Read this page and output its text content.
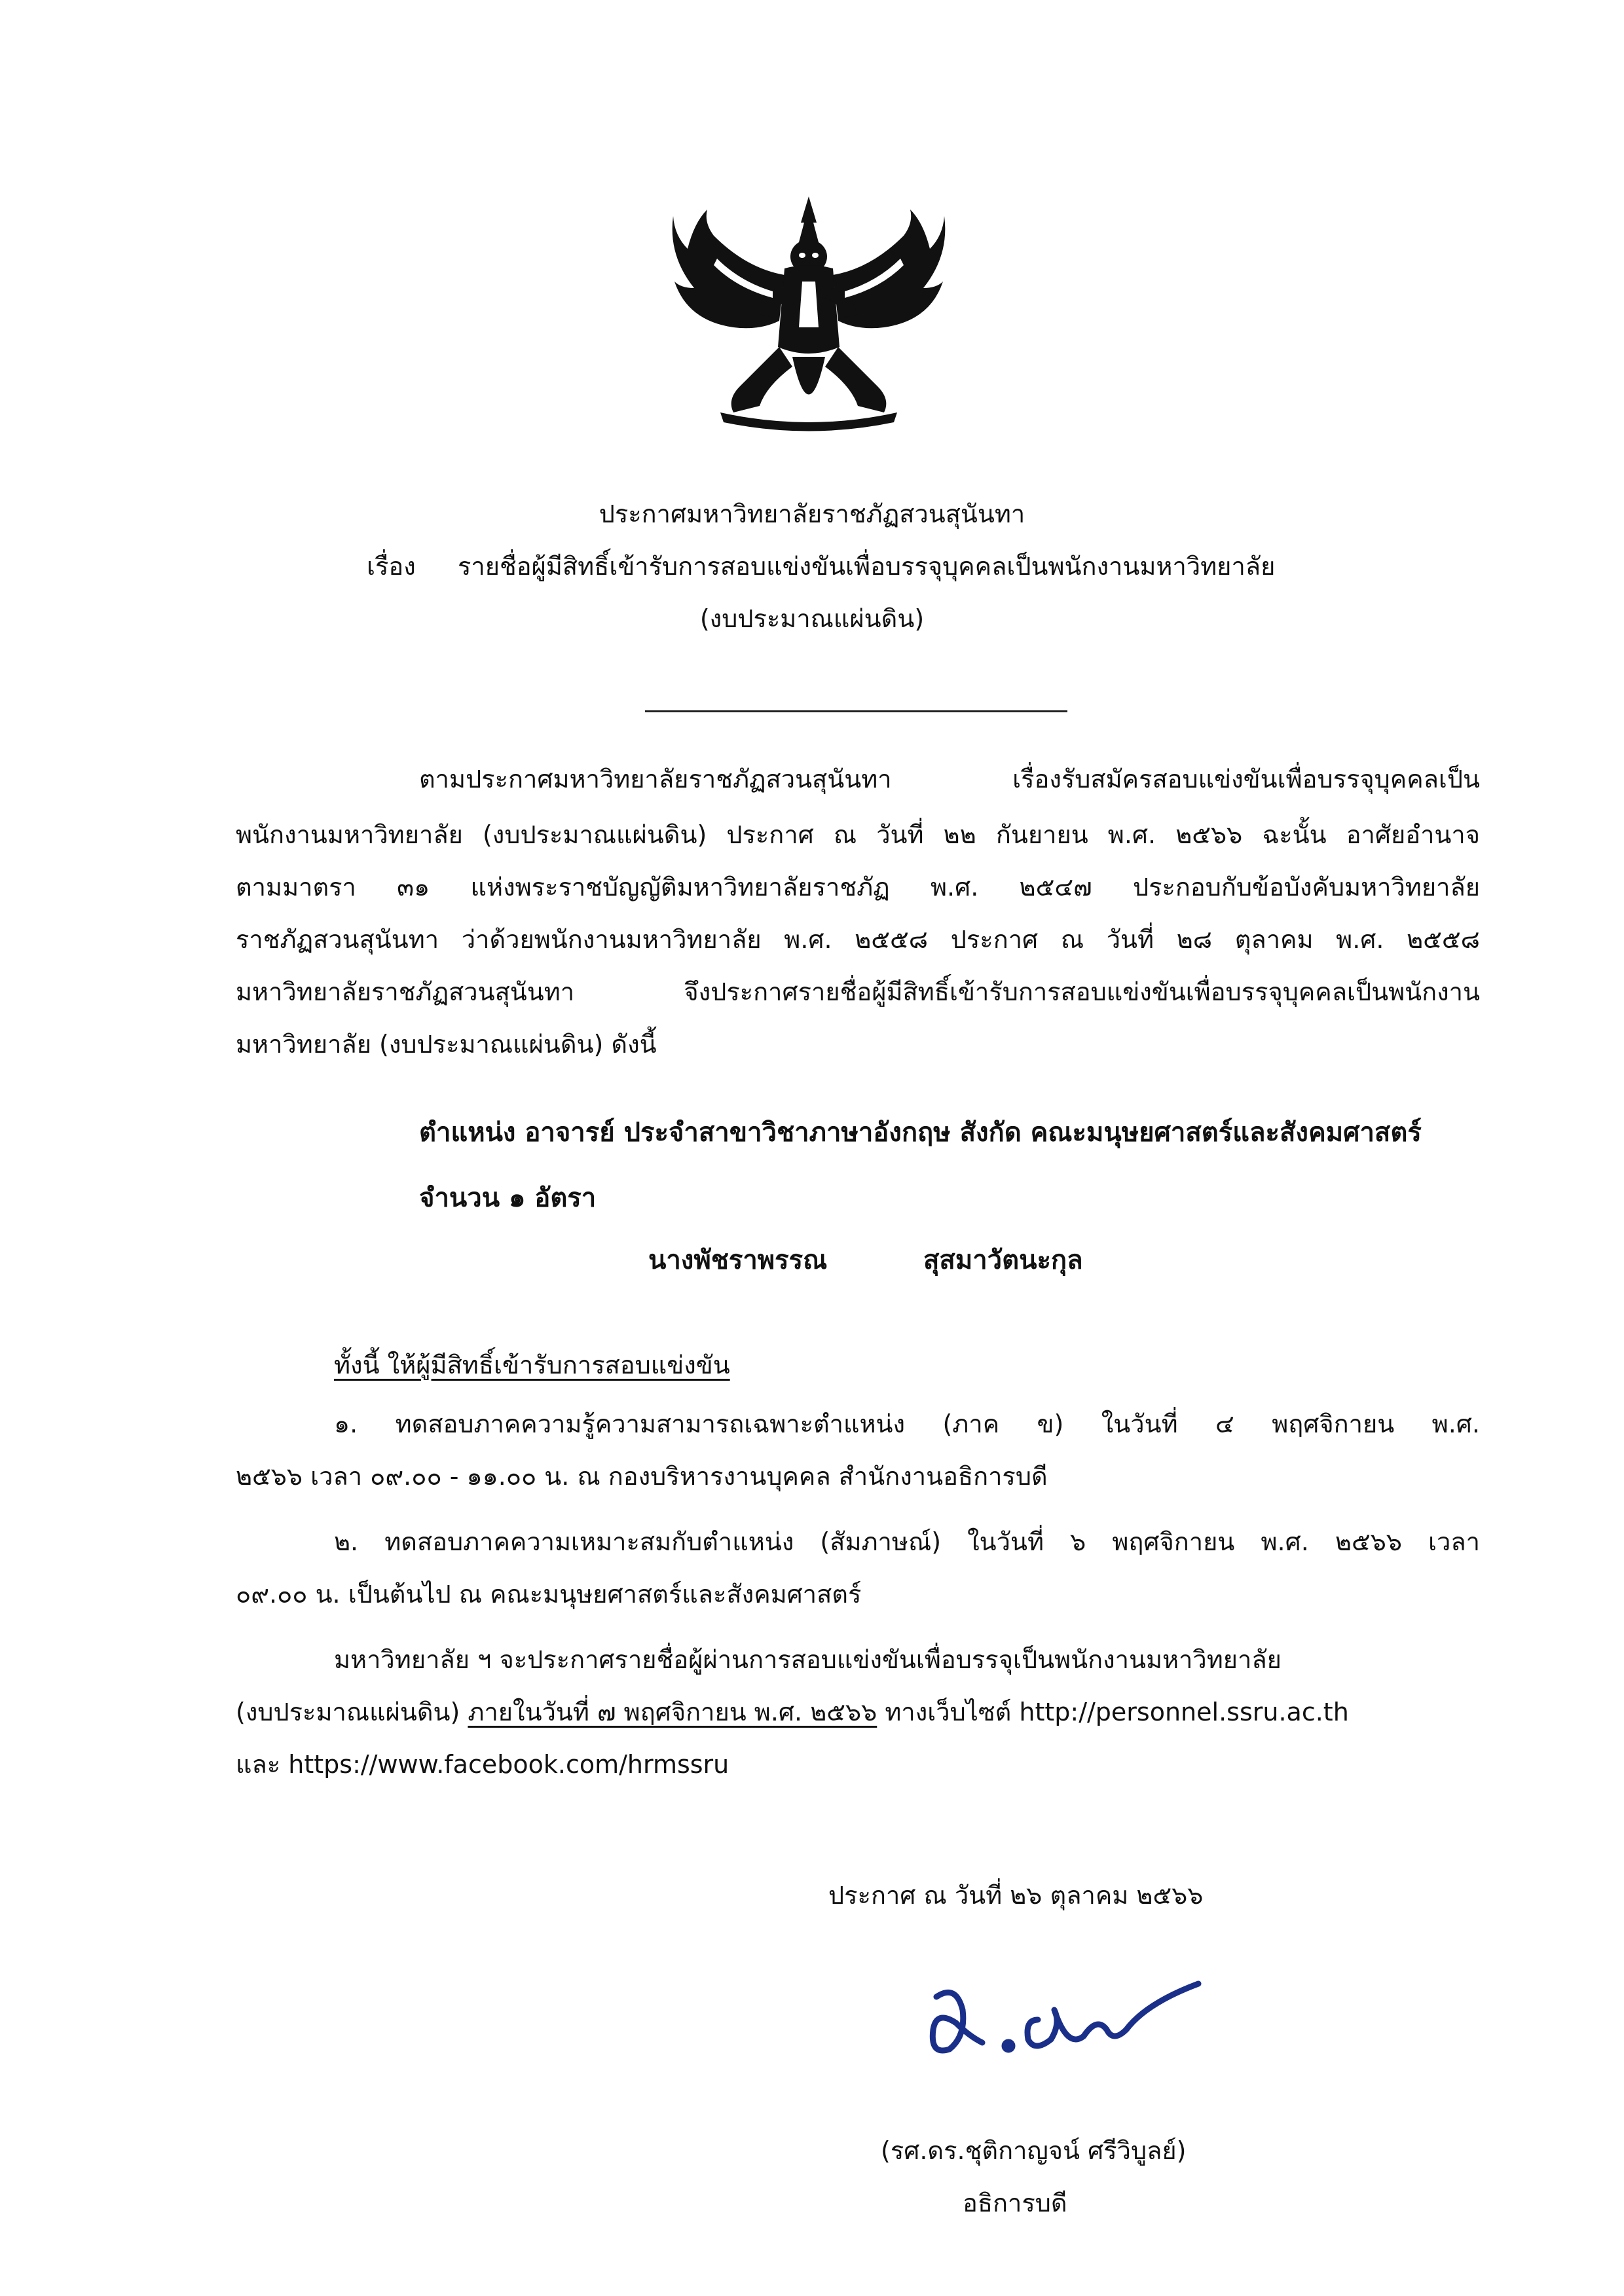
ประกาศมหาวิทยาลัยราชภัฏสวนสุนันทา
เรื่อง รายชื่อผู้มีสิทธิ์เข้ารับการสอบแข่งขันเพื่อบรรจุบุคคลเป็นพนักงานมหาวิทยาลัย
(งบประมาณแผ่นดิน)
ตามประกาศมหาวิทยาลัยราชภัฏสวนสุนันทา เรื่องรับสมัครสอบแข่งขันเพื่อบรรจุบุคคลเป็น
พนักงานมหาวิทยาลัย (งบประมาณแผ่นดิน) ประกาศ ณ วันที่ ๒๒ กันยายน พ.ศ. ๒๕๖๖ ฉะนั้น อาศัยอำนาจ
ตามมาตรา ๓๑ แห่งพระราชบัญญัติมหาวิทยาลัยราชภัฏ พ.ศ. ๒๕๔๗ ประกอบกับข้อบังคับมหาวิทยาลัย
ราชภัฏสวนสุนันทา ว่าด้วยพนักงานมหาวิทยาลัย พ.ศ. ๒๕๕๘ ประกาศ ณ วันที่ ๒๘ ตุลาคม พ.ศ. ๒๕๕๘
มหาวิทยาลัยราชภัฏสวนสุนันทา จึงประกาศรายชื่อผู้มีสิทธิ์เข้ารับการสอบแข่งขันเพื่อบรรจุบุคคลเป็นพนักงาน
มหาวิทยาลัย (งบประมาณแผ่นดิน) ดังนี้
ตำแหน่ง อาจารย์ ประจำสาขาวิชาภาษาอังกฤษ สังกัด คณะมนุษยศาสตร์และสังคมศาสตร์
จำนวน ๑ อัตรา
นางพัชราพรรณ	สุสมาวัตนะกุล
ทั้งนี้ ให้ผู้มีสิทธิ์เข้ารับการสอบแข่งขัน
๑. ทดสอบภาคความรู้ความสามารถเฉพาะตำแหน่ง (ภาค ข) ในวันที่ ๔ พฤศจิกายน พ.ศ.
๒๕๖๖ เวลา ๐๙.๐๐ - ๑๑.๐๐ น. ณ กองบริหารงานบุคคล สำนักงานอธิการบดี
๒. ทดสอบภาคความเหมาะสมกับตำแหน่ง (สัมภาษณ์) ในวันที่ ๖ พฤศจิกายน พ.ศ. ๒๕๖๖ เวลา
๐๙.๐๐ น. เป็นต้นไป ณ คณะมนุษยศาสตร์และสังคมศาสตร์
มหาวิทยาลัย ฯ จะประกาศรายชื่อผู้ผ่านการสอบแข่งขันเพื่อบรรจุเป็นพนักงานมหาวิทยาลัย
(งบประมาณแผ่นดิน) ภายในวันที่ ๗ พฤศจิกายน พ.ศ. ๒๕๖๖ ทางเว็บไซต์ http://personnel.ssru.ac.th
และ https://www.facebook.com/hrmssru
ประกาศ ณ วันที่ ๒๖ ตุลาคม ๒๕๖๖
(รศ.ดร.ชุติกาญจน์ ศรีวิบูลย์)
อธิการบดี
